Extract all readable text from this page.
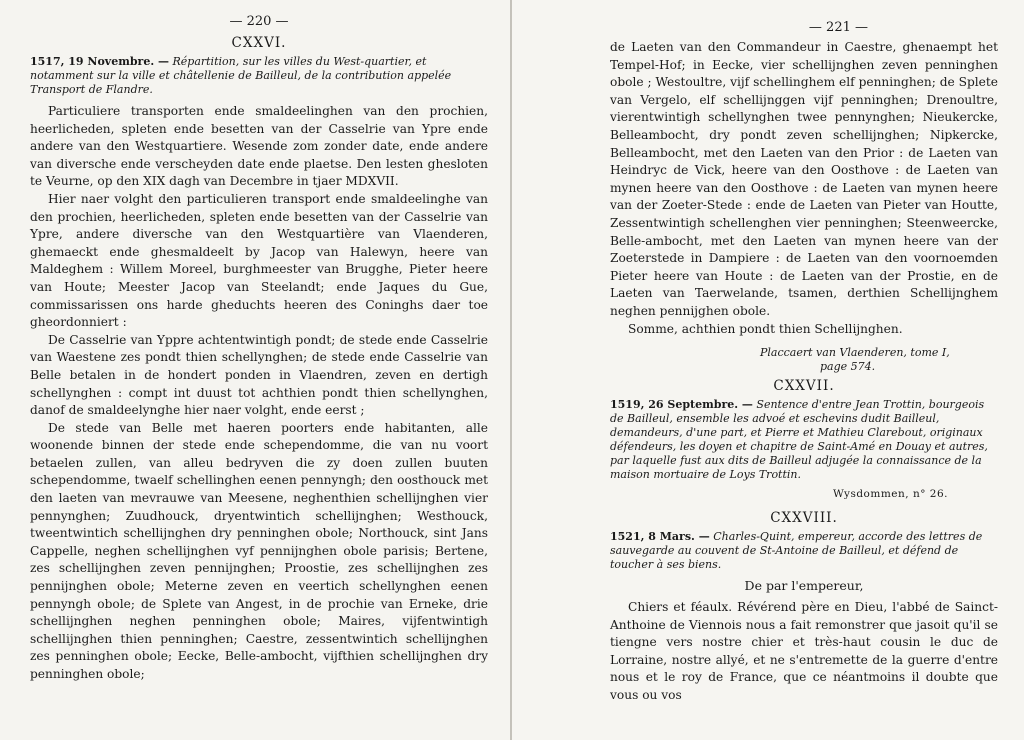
— 220 —
CXXVI.

1517, 19 Novembre. — Répartition, sur les villes du West-quartier, et notamment sur la ville et châtellenie de Bailleul, de la contribution appelée Transport de Flandre.

Particuliere transporten ende smaldeelinghen van den prochien, heerlicheden, spleten ende besetten van der Casselrie van Ypre ende andere van den Westquartiere. Wesende zom zonder date, ende andere van diversche ende verscheyden date ende plaetse. Den lesten ghesloten te Veurne, op den XIX dagh van Decembre in tjaer MDXVII.

Hier naer volght den particulieren transport ende smaldeelinghe van den prochien, heerlicheden, spleten ende besetten van der Casselrie van Ypre, andere diversche van den Westquartière van Vlaenderen, ghemaeckt ende ghesmaldeelt by Jacop van Halewyn, heere van Maldeghem : Willem Moreel, burghmeester van Brugghe, Pieter heere van Houte; Meester Jacop van Steelandt; ende Jaques du Gue, commissarissen ons harde gheduchts heeren des Coninghs daer toe gheordonniert :

De Casselrie van Yppre achtentwintigh pondt; de stede ende Casselrie van Waestene zes pondt thien schellynghen; de stede ende Casselrie van Belle betalen in de hondert ponden in Vlaendren, zeven en dertigh schellynghen : compt int duust tot achthien pondt thien schellynghen, danof de smaldeelynghe hier naer volght, ende eerst ;

De stede van Belle met haeren poorters ende habitanten, alle woonende binnen der stede ende schependomme, die van nu voort betaelen zullen, van alleu bedryven die zy doen zullen buuten schependomme, twaelf schellinghen eenen pennyngh; den oosthouck met den laeten van mevrauwe van Meesene, neghenthien schellijnghen vier pennynghen; Zuudhouck, dryentwintich schellijnghen; Westhouck, tweentwintich schellijnghen dry penninghen obole; Northouck, sint Jans Cappelle, neghen schellijnghen vyf pennijnghen obole parisis; Bertene, zes schellijnghen zeven pennijnghen; Proostie, zes schellijnghen zes pennijnghen obole; Meterne zeven en veertich schellynghen eenen pennyngh obole; de Splete van Angest, in de prochie van Ernekе, drie schellijnghen neghen penninghen obole; Maires, vijfentwintigh schellijnghen thien penninghen; Caestre, zessentwintich schellijnghen zes penninghen obole; Eecke, Belle-ambocht, vijfthien schellijnghen dry penninghen obole;

— 221 —

de Laeten van den Commandeur in Caestre, ghenaempt het Tempel-Hof; in Eecke, vier schellijnghen zeven penninghen obole ; Westoultre, vijf schellinghem elf penninghen; de Splete van Vergelo, elf schellijnggen vijf penninghen; Drenoultre, vierentwintigh schellynghen twee pennynghen; Nieukercke, Belleambocht, dry pondt zeven schellijnghen; Nipkercke, Belleambocht, met den Laeten van den Prior : de Laeten van Heindryc de Vick, heere van den Oosthove : de Laeten van mynen heere van den Oosthove : de Laeten van mynen heere van der Zoeter-Stede : ende de Laeten van Pieter van Houtte, Zessentwintigh schellenghen vier penninghen; Steenweercke, Belle-ambocht, met den Laeten van mynen heere van der Zoeterstede in Dampiere : de Laeten van den voornoemden Pieter heere van Houte : de Laeten van der Prostie, en de Laeten van Taerwelande, tsamen, derthien Schellijnghem neghen pennijghen obole.

Somme, achthien pondt thien Schellijnghen.

Placcaert van Vlaenderen, tome I,
page 574.
CXXVII.

1519, 26 Septembre. — Sentence d'entre Jean Trottin, bourgeois de Bailleul, ensemble les advoé et eschevins dudit Bailleul, demandeurs, d'une part, et Pierre et Mathieu Clarebout, originaux défendeurs, les doyen et chapitre de Saint-Amé en Douay et autres, par laquelle fust aux dits de Bailleul adjugée la connaissance de la maison mortuaire de Loys Trottin.

Wysdommen, n° 26.
CXXVIII.

1521, 8 Mars. — Charles-Quint, empereur, accorde des lettres de sauvegarde au couvent de St-Antoine de Bailleul, et défend de toucher à ses biens.

De par l'empereur,

Chiers et féaulx. Révérend père en Dieu, l'abbé de Sainct-Anthoine de Viennois nous a fait remonstrer que jasoit qu'il se tiengne vers nostre chier et très-haut cousin le duc de Lorraine, nostre allyé, et ne s'entremette de la guerre d'entre nous et le roy de France, que ce néantmoins il doubte que vous ou vos
